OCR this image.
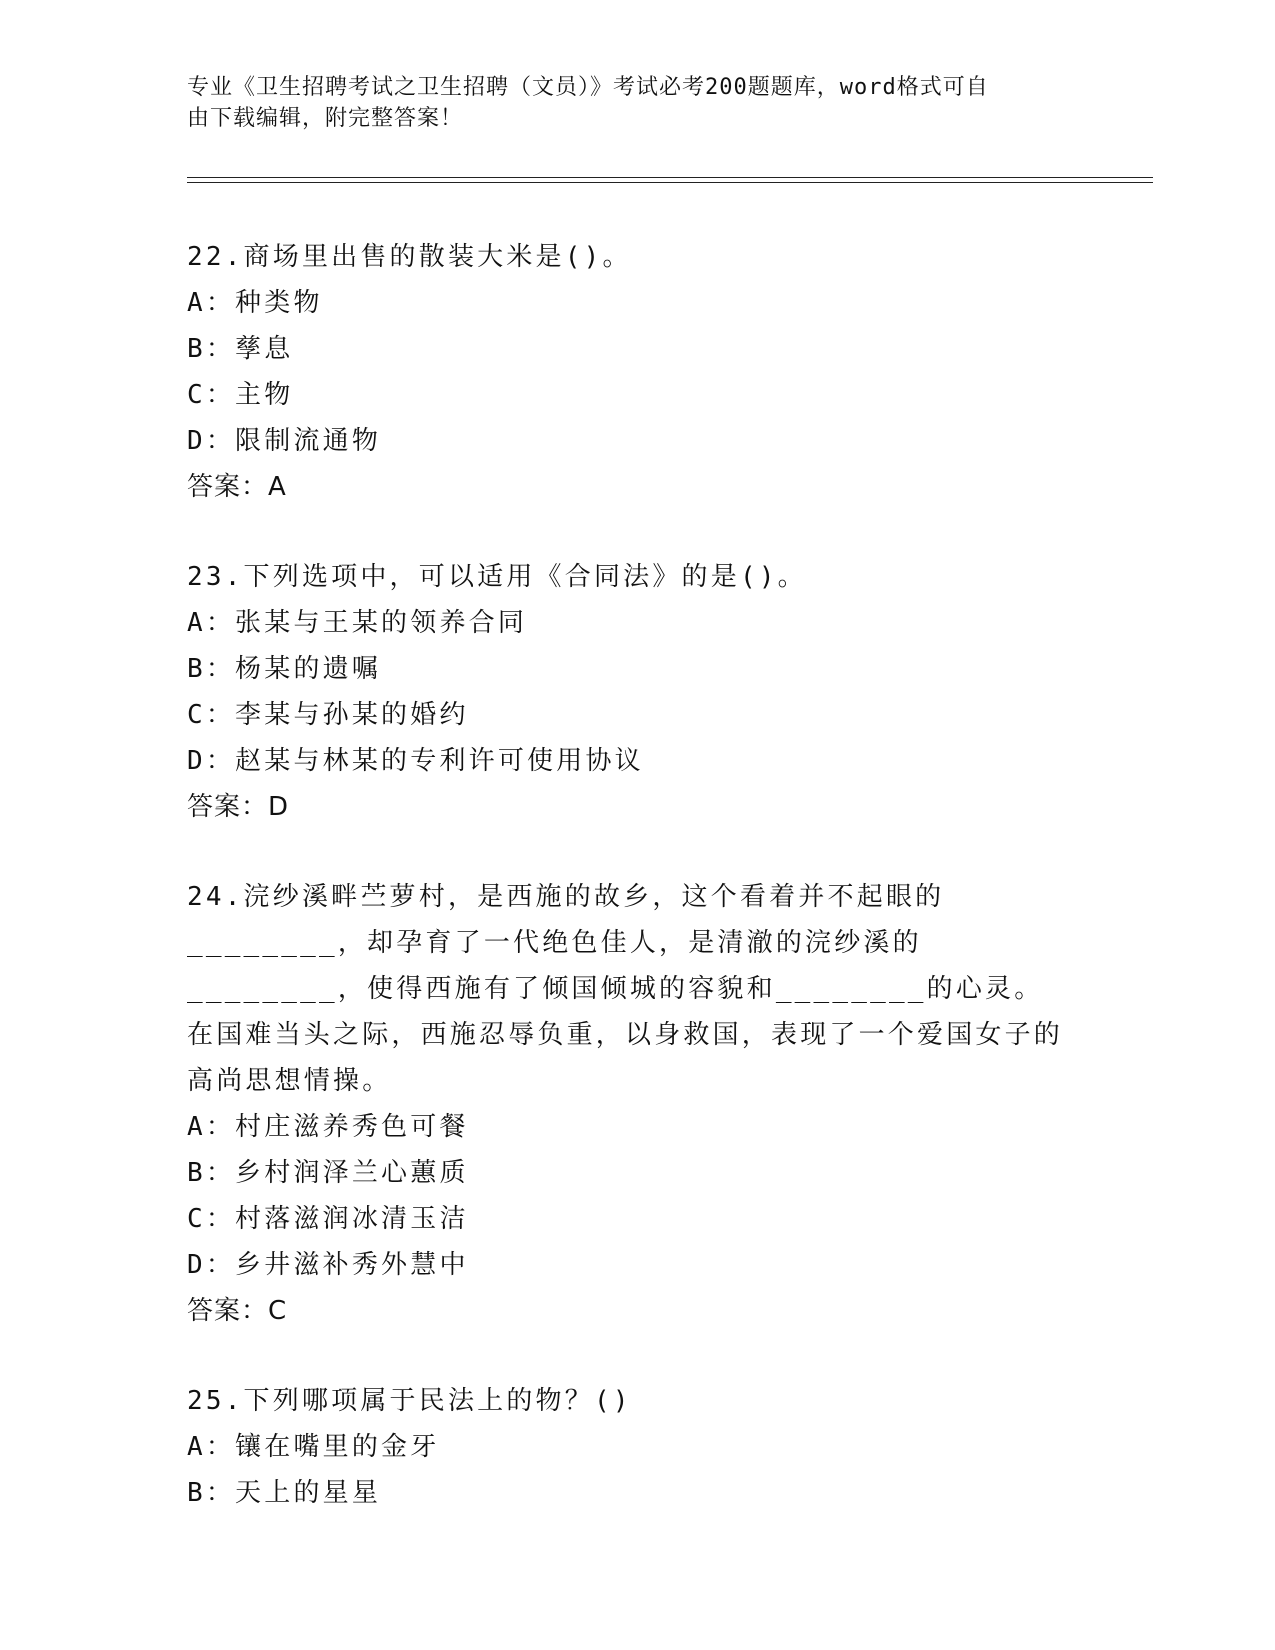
专业《卫生招聘考试之卫生招聘（文员）》考试必考200题题库，word格式可自
由下载编辑，附完整答案！
22.商场里出售的散装大米是()。
A：种类物
B：孳息
C：主物
D：限制流通物
答案：A
23.下列选项中，可以适用《合同法》的是()。
A：张某与王某的领养合同
B：杨某的遗嘱
C：李某与孙某的婚约
D：赵某与林某的专利许可使用协议
答案：D
24.浣纱溪畔苎萝村，是西施的故乡，这个看着并不起眼的________，却孕育了一代绝色佳人，是清澈的浣纱溪的________，使得西施有了倾国倾城的容貌和________的心灵。在国难当头之际，西施忍辱负重，以身救国，表现了一个爱国女子的高尚思想情操。
A：村庄滋养秀色可餐
B：乡村润泽兰心蕙质
C：村落滋润冰清玉洁
D：乡井滋补秀外慧中
答案：C
25.下列哪项属于民法上的物？()
A：镶在嘴里的金牙
B：天上的星星
